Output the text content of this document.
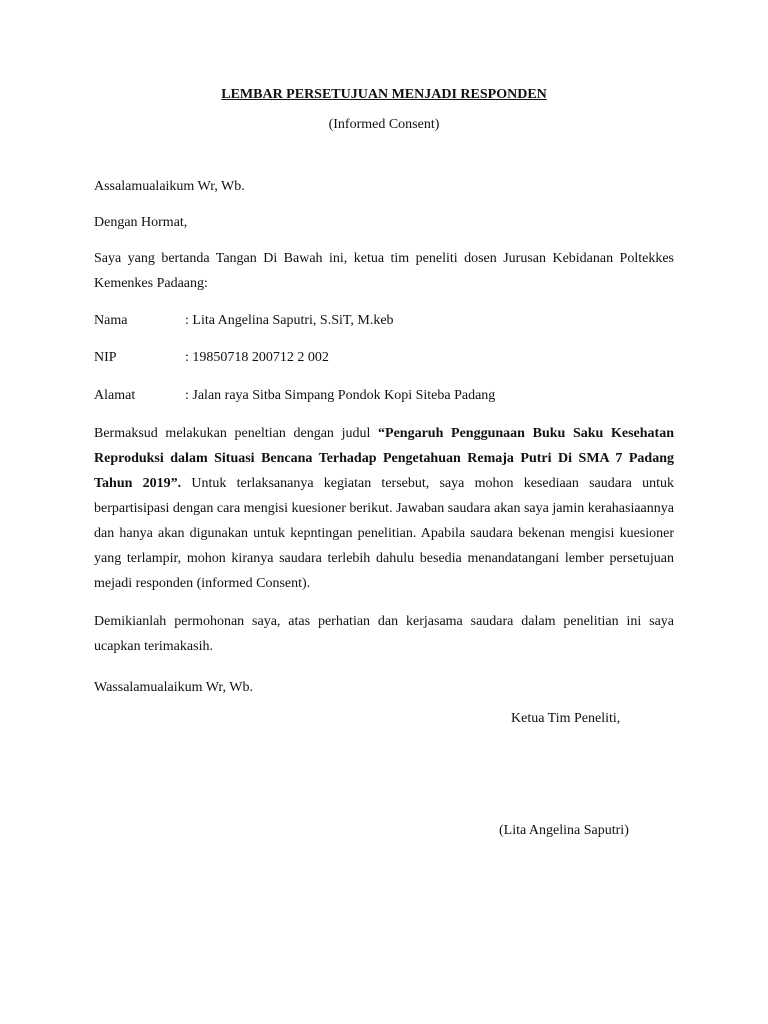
LEMBAR PERSETUJUAN MENJADI RESPONDEN

(Informed Consent)

Assalamualaikum Wr, Wb.

Dengan Hormat,

Saya yang bertanda Tangan Di Bawah ini, ketua tim peneliti dosen Jurusan Kebidanan Poltekkes Kemenkes Padaang:

Nama	: Lita Angelina Saputri, S.SiT, M.keb
NIP	: 19850718 200712 2 002
Alamat	: Jalan raya Sitba Simpang Pondok Kopi Siteba Padang

Bermaksud melakukan peneltian dengan judul “Pengaruh Penggunaan Buku Saku Kesehatan Reproduksi dalam Situasi Bencana Terhadap Pengetahuan Remaja Putri Di SMA 7 Padang Tahun 2019”. Untuk terlaksananya kegiatan tersebut, saya mohon kesediaan saudara untuk berpartisipasi dengan cara mengisi kuesioner berikut. Jawaban saudara akan saya jamin kerahasiaannya dan hanya akan digunakan untuk kepntingan penelitian. Apabila saudara bekenan mengisi kuesioner yang terlampir, mohon kiranya saudara terlebih dahulu besedia menandatangani lember persetujuan mejadi responden (informed Consent).

Demikianlah permohonan saya, atas perhatian dan kerjasama saudara dalam penelitian ini saya ucapkan terimakasih.

Wassalamualaikum Wr, Wb.

Ketua Tim Peneliti,

(Lita Angelina Saputri)
